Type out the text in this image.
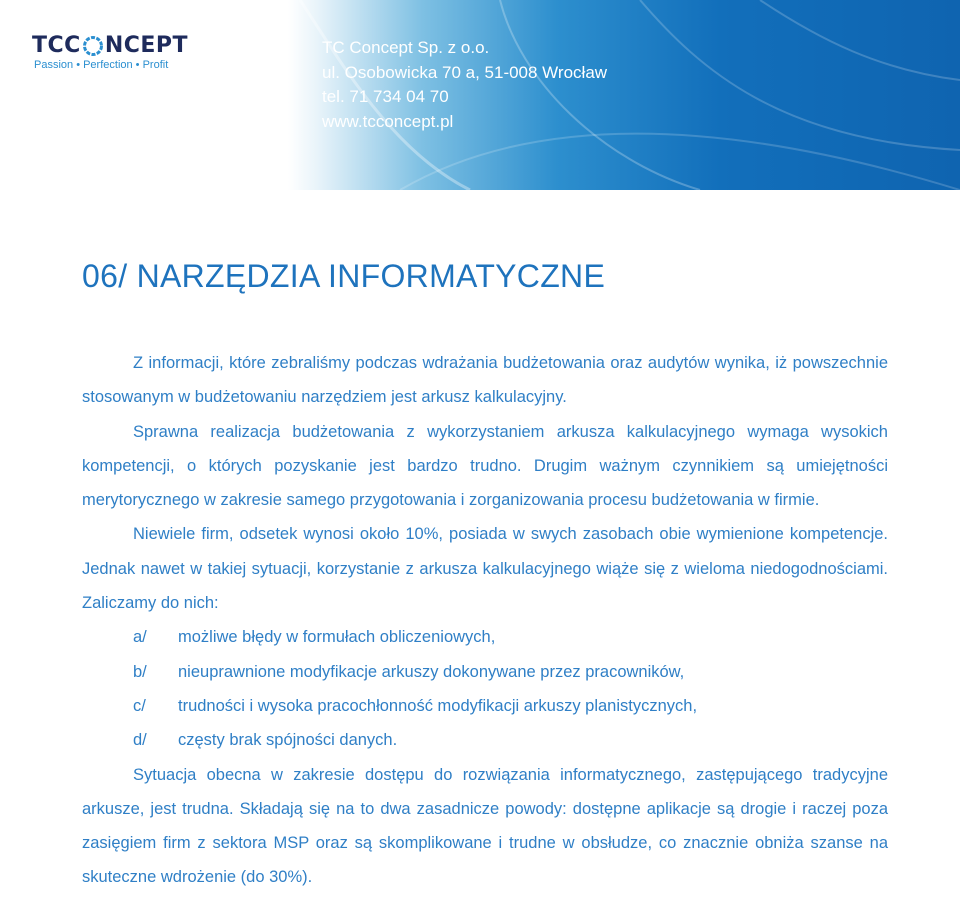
TCC NCEPT
Passion • Perfection • Profit
TC Concept Sp. z o.o.
ul. Osobowicka 70 a, 51-008 Wrocław
tel. 71 734 04 70
www.tcconcept.pl
06/ NARZĘDZIA INFORMATYCZNE

Z informacji, które zebraliśmy podczas wdrażania budżetowania oraz audytów wynika, iż powszechnie stosowanym w budżetowaniu narzędziem jest arkusz kalkulacyjny.

Sprawna realizacja budżetowania z wykorzystaniem arkusza kalkulacyjnego wymaga wysokich kompetencji, o których pozyskanie jest bardzo trudno. Drugim ważnym czynnikiem są umiejętności merytorycznego w zakresie samego przygotowania i zorganizowania procesu budżetowania w firmie.

Niewiele firm, odsetek wynosi około 10%, posiada w swych zasobach obie wymienione kompetencje. Jednak nawet w takiej sytuacji, korzystanie z arkusza kalkulacyjnego wiąże się z wieloma niedogodnościami. Zaliczamy do nich:

a/	możliwe błędy w formułach obliczeniowych,
b/	nieuprawnione modyfikacje arkuszy dokonywane przez pracowników,
c/	trudności i wysoka pracochłonność modyfikacji arkuszy planistycznych,
d/	częsty brak spójności danych.

Sytuacja obecna w zakresie dostępu do rozwiązania informatycznego, zastępującego tradycyjne arkusze, jest trudna. Składają się na to dwa zasadnicze powody: dostępne aplikacje są drogie i raczej poza zasięgiem firm z sektora MSP oraz są skomplikowane i trudne w obsłudze, co znacznie obniża szanse na skuteczne wdrożenie (do 30%).
